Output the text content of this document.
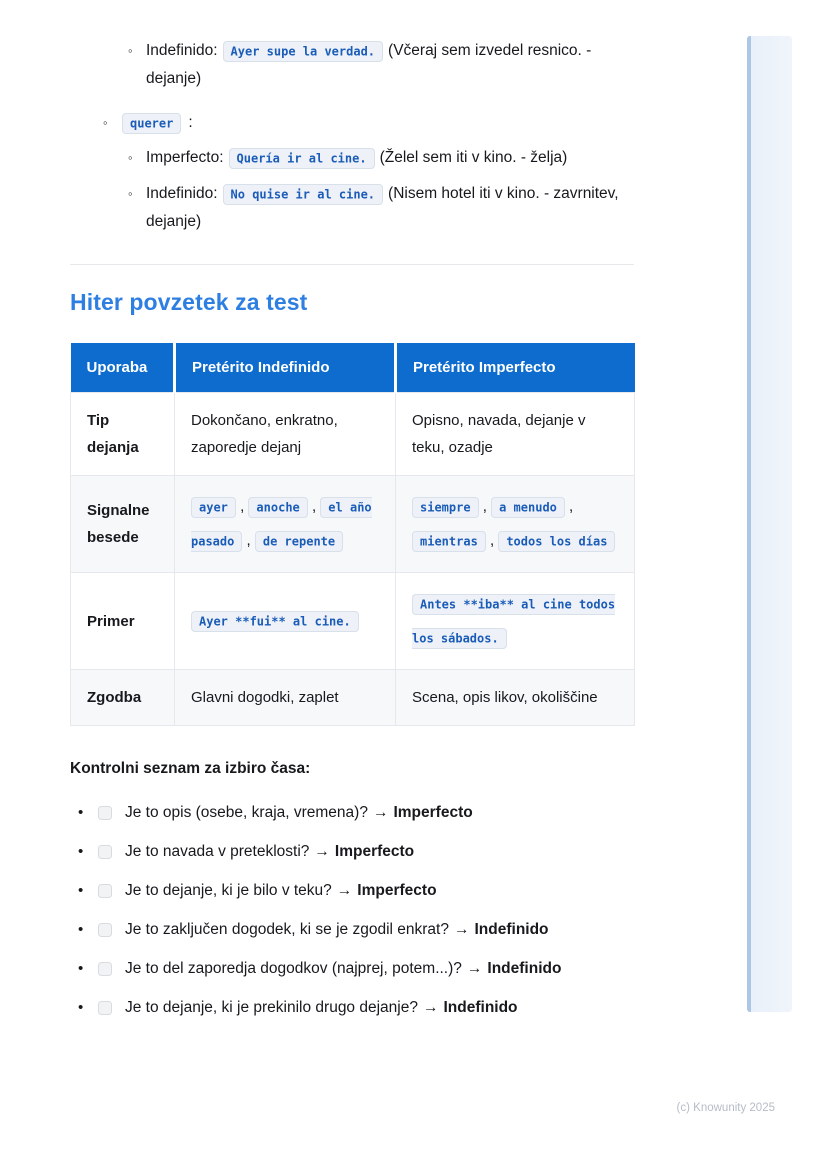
◦ Indefinido: Ayer supe la verdad. (Včeraj sem izvedel resnico. - dejanje)
◦ querer :
◦ Imperfecto: Quería ir al cine. (Želel sem iti v kino. - želja)
◦ Indefinido: No quise ir al cine. (Nisem hotel iti v kino. - zavrnitev, dejanje)
Hiter povzetek za test
Uporaba	Pretérito Indefinido	Pretérito Imperfecto
Tip dejanja	Dokončano, enkratno, zaporedje dejanj	Opisno, navada, dejanje v teku, ozadje
Signalne besede	ayer , anoche , el año pasado , de repente	siempre , a menudo , mientras , todos los días
Primer	Ayer **fui** al cine.	Antes **iba** al cine todos los sábados.
Zgodba	Glavni dogodki, zaplet	Scena, opis likov, okoliščine

Kontrolni seznam za izbiro časa:

•	Je to opis (osebe, kraja, vremena)? → Imperfecto
•	Je to navada v preteklosti? → Imperfecto
•	Je to dejanje, ki je bilo v teku? → Imperfecto
•	Je to zaključen dogodek, ki se je zgodil enkrat? → Indefinido
•	Je to del zaporedja dogodkov (najprej, potem...)? → Indefinido
•	Je to dejanje, ki je prekinilo drugo dejanje? → Indefinido
(c) Knowunity 2025
